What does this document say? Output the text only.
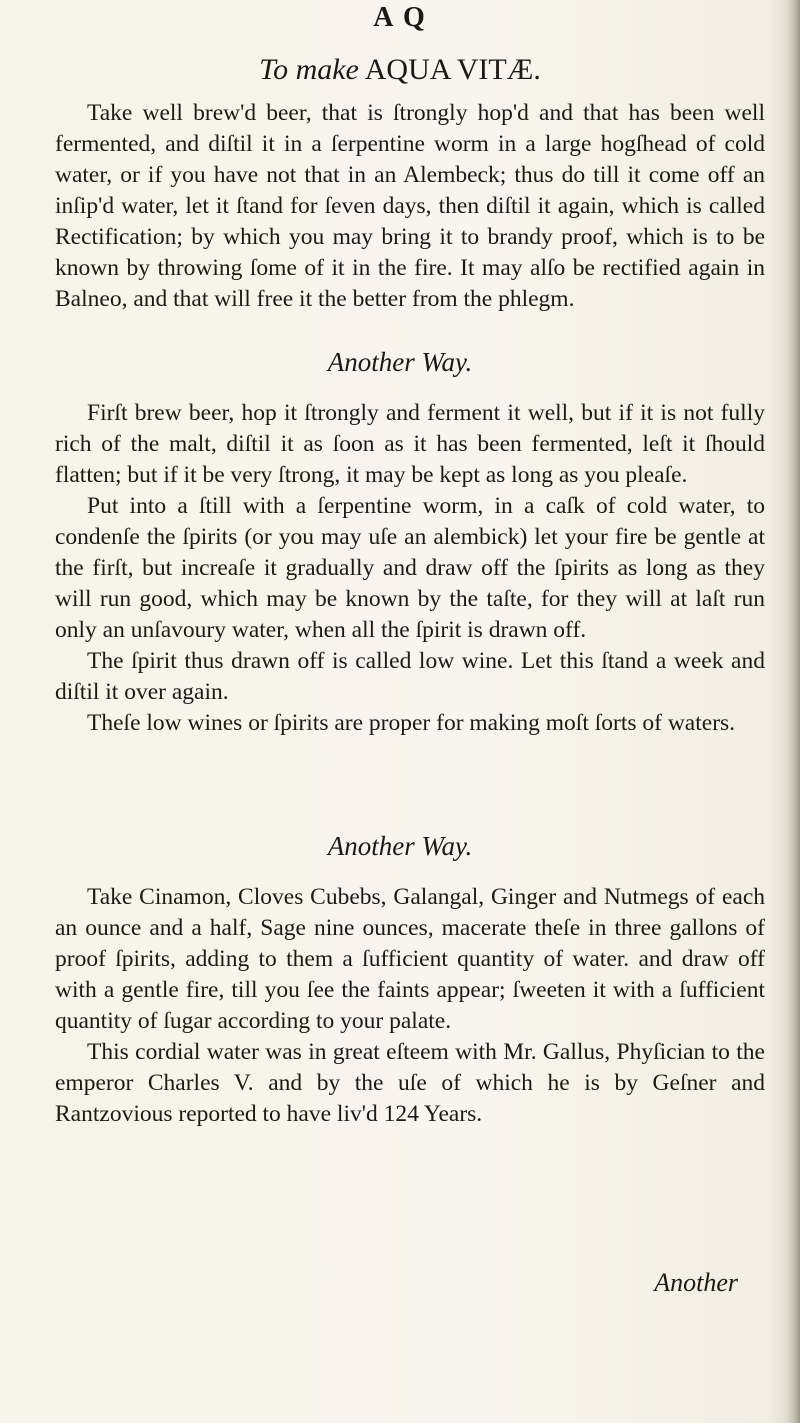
A Q
To make AQUA VITÆ.

Take well brew'd beer, that is ſtrongly hop'd and that has been well fermented, and diſtil it in a ſerpentine worm in a large hogſhead of cold water, or if you have not that in an Alembeck; thus do till it come off an inſip'd water, let it ſtand for ſeven days, then diſtil it again, which is called Rectification; by which you may bring it to brandy proof, which is to be known by throwing ſome of it in the fire. It may alſo be rectified again in Balneo, and that will free it the better from the phlegm.

Another Way.

Firſt brew beer, hop it ſtrongly and ferment it well, but if it is not fully rich of the malt, diſtil it as ſoon as it has been fermented, leſt it ſhould flatten; but if it be very ſtrong, it may be kept as long as you pleaſe.

Put into a ſtill with a ſerpentine worm, in a caſk of cold water, to condenſe the ſpirits (or you may uſe an alembick) let your fire be gentle at the firſt, but increaſe it gradually and draw off the ſpirits as long as they will run good, which may be known by the taſte, for they will at laſt run only an unſavoury water, when all the ſpirit is drawn off.

The ſpirit thus drawn off is called low wine. Let this ſtand a week and diſtil it over again.

Theſe low wines or ſpirits are proper for making moſt ſorts of waters.

Another Way.

Take Cinamon, Cloves Cubebs, Galangal, Ginger and Nutmegs of each an ounce and a half, Sage nine ounces, macerate theſe in three gallons of proof ſpirits, adding to them a ſufficient quantity of water. and draw off with a gentle fire, till you ſee the faints appear; ſweeten it with a ſufficient quantity of ſugar according to your palate.

This cordial water was in great eſteem with Mr. Gallus, Phyſician to the emperor Charles V. and by the uſe of which he is by Geſner and Rantzovious reported to have liv'd 124 Years.

Another
